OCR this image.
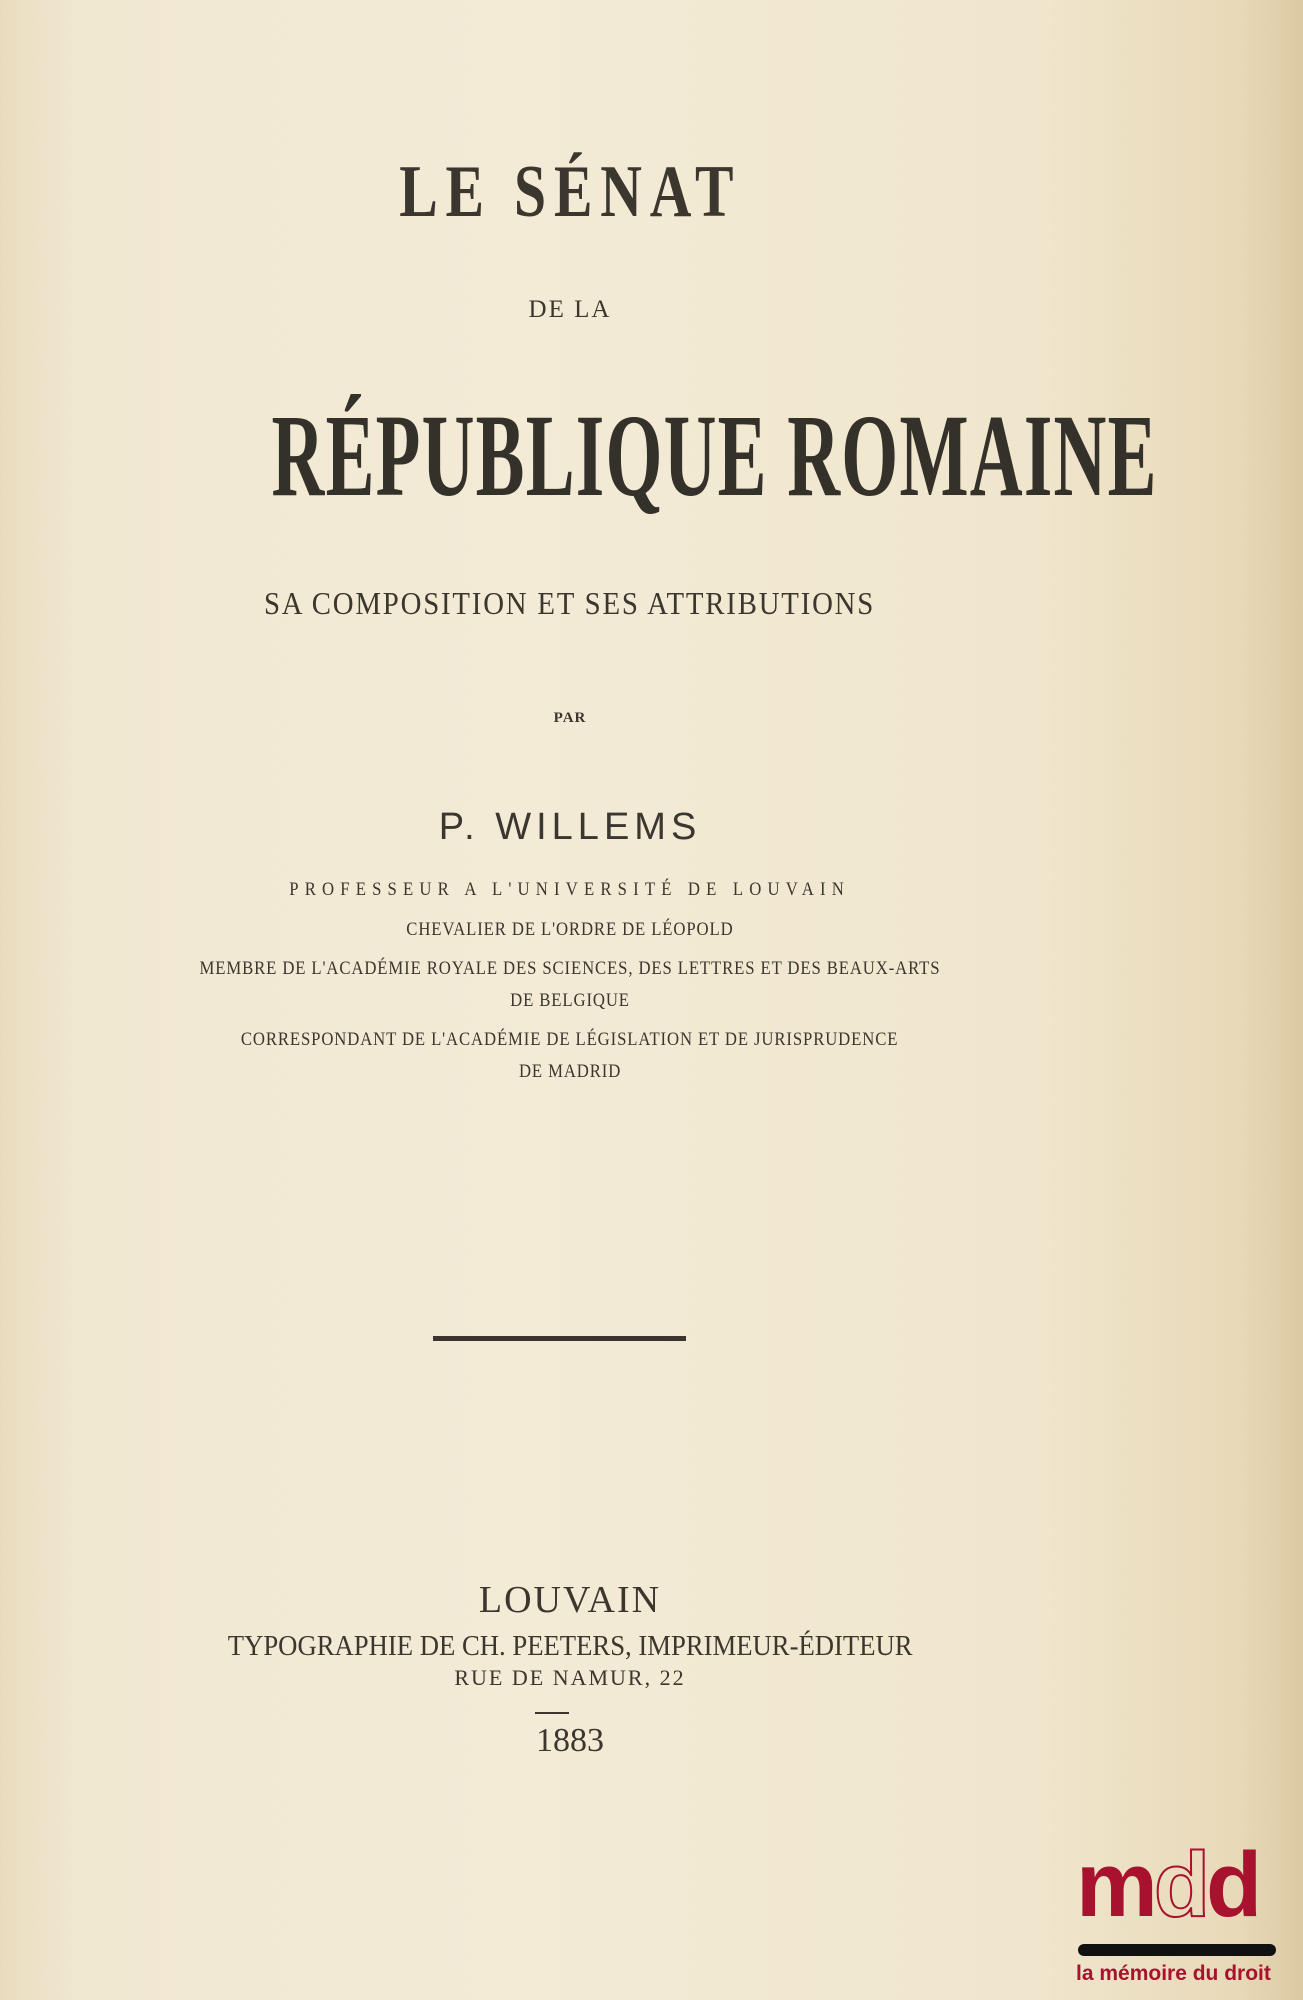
LE SÉNAT
DE LA
RÉPUBLIQUE ROMAINE
SA COMPOSITION ET SES ATTRIBUTIONS
PAR
P. WILLEMS
PROFESSEUR A L'UNIVERSITÉ DE LOUVAIN
CHEVALIER DE L'ORDRE DE LÉOPOLD
MEMBRE DE L'ACADÉMIE ROYALE DES SCIENCES, DES LETTRES ET DES BEAUX-ARTS
DE BELGIQUE
CORRESPONDANT DE L'ACADÉMIE DE LÉGISLATION ET DE JURISPRUDENCE
DE MADRID
LOUVAIN
TYPOGRAPHIE DE CH. PEETERS, IMPRIMEUR-ÉDITEUR
RUE DE NAMUR, 22
1883
mdd
la mémoire du droit
